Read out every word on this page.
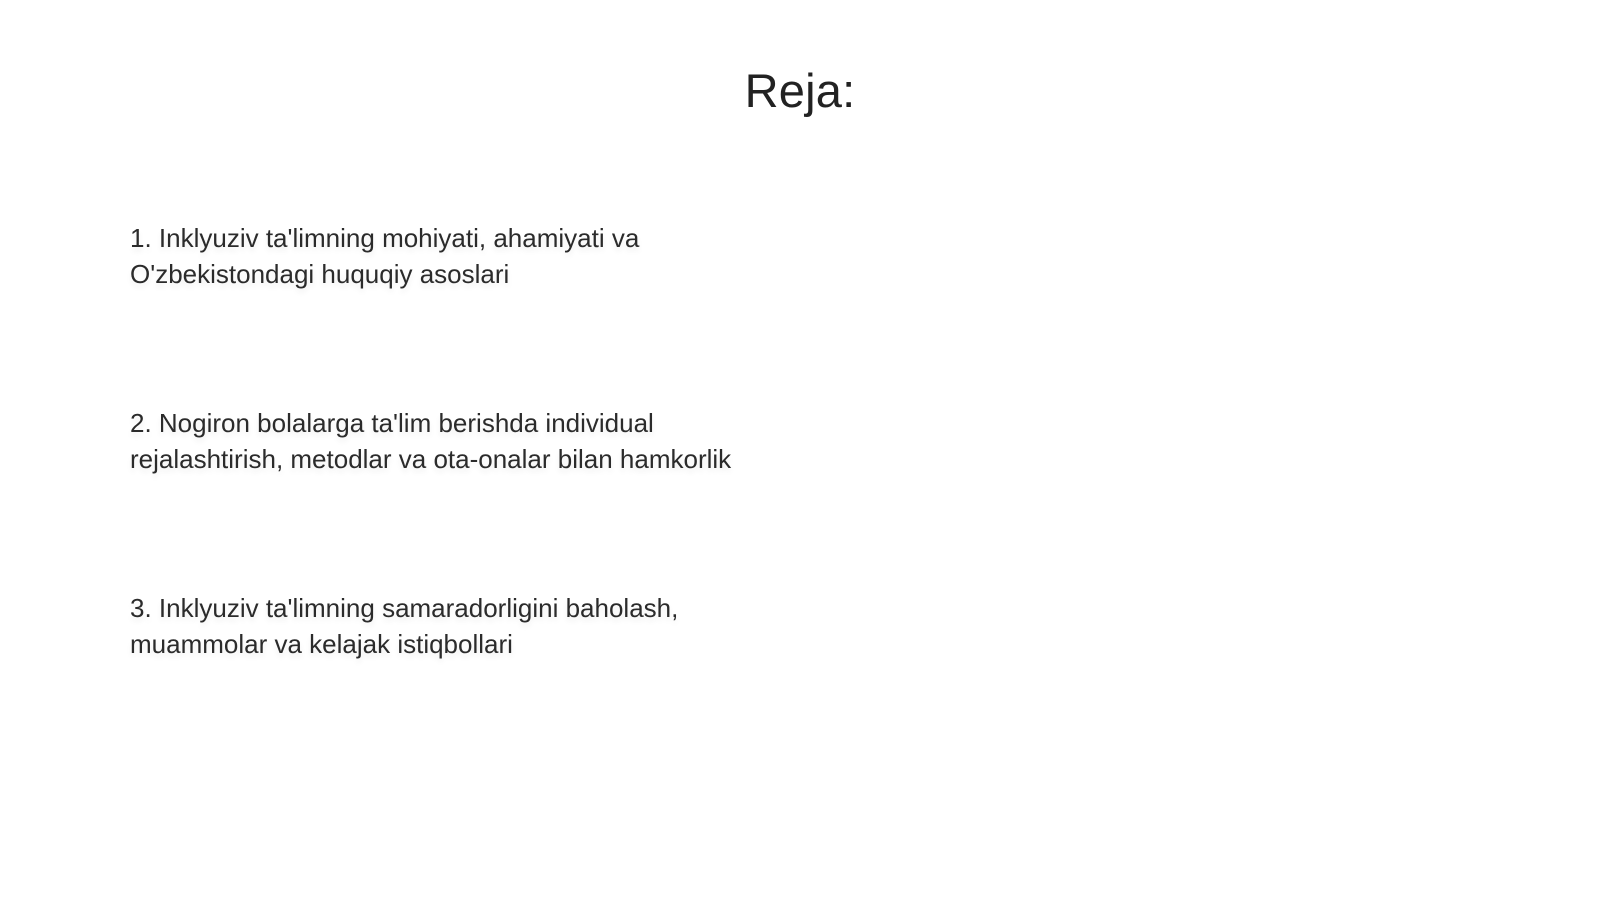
Reja:
1. Inklyuziv ta'limning mohiyati, ahamiyati va
O'zbekistondagi huquqiy asoslari
2. Nogiron bolalarga ta'lim berishda individual
rejalashtirish, metodlar va ota-onalar bilan hamkorlik
3. Inklyuziv ta'limning samaradorligini baholash,
muammolar va kelajak istiqbollari
